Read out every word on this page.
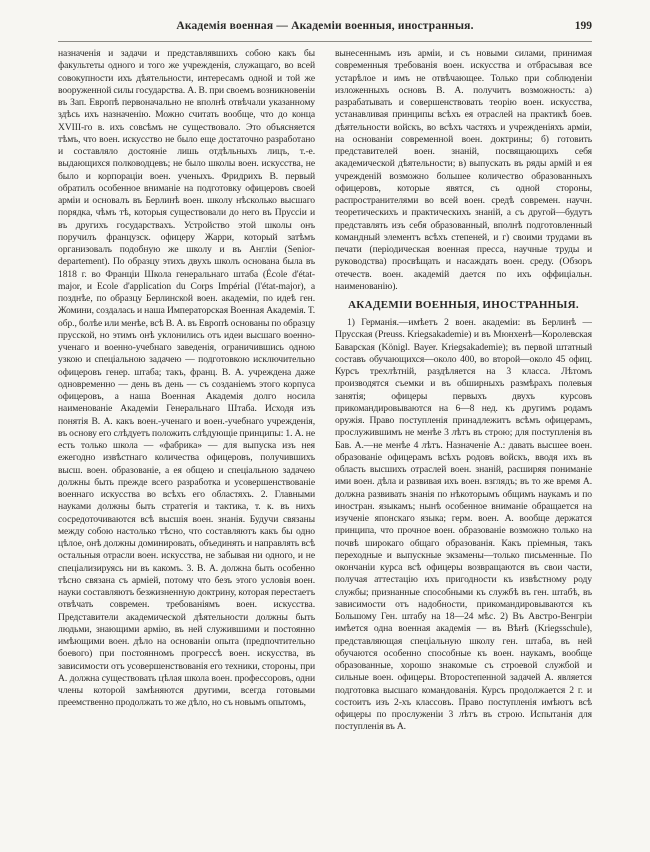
Академія военная — Академіи военныя, иностранныя.	199

назначенія и задачи и представлявшихъ собою какъ бы факультеты одного и того же учрежденія, служащаго, во всей совокупности ихъ дѣятельности, интересамъ одной и той же вооруженной силы государства. А. В. при своемъ возникновеніи въ Зап. Европѣ первоначально не вполнѣ отвѣчали указанному здѣсь ихъ назначенію. Можно считать вообще, что до конца XVIII-го в. ихъ совсѣмъ не существовало. Это объясняется тѣмъ, что воен. искусство не было еще достаточно разработано и составляло достояніе лишь отдѣльныхъ лицъ, т.-е. выдающихся полководцевъ; не было школы воен. искусства, не было и корпораціи воен. ученыхъ. Фридрихъ В. первый обратилъ особенное вниманіе на подготовку офицеровъ своей арміи и основалъ въ Берлинѣ воен. школу нѣсколько высшаго порядка, чѣмъ тѣ, которыя существовали до него въ Пруссіи и въ другихъ государствахъ. Устройство этой школы онъ поручилъ французск. офицеру Жарри, который затѣмъ организовалъ подобную же школу и въ Англіи (Senior-departement). По образцу этихъ двухъ школъ основана была въ 1818 г. во Франціи Школа генеральнаго штаба (École d'état-major, и Ecole d'application du Corps Impérial (l'état-major), а позднѣе, по образцу Берлинской воен. академіи, по идеѣ ген. Жомини, создалась и наша Императорская Военная Академія. Т. обр., болѣе или менѣе, всѣ В. А. въ Европѣ основаны по образцу прусской, но этимъ онѣ уклонились отъ идеи высшаго военно-ученаго и военно-учебнаго заведенія, ограничившись одною узкою и спеціальною задачею — подготовкою исключительно офицеровъ генер. штаба; такъ, франц. В. А. учреждена даже одновременно — день въ день — съ созданіемъ этого корпуса офицеровъ, а наша Военная Академія долго носила наименованіе Академіи Генеральнаго Штаба. Исходя изъ понятія В. А. какъ воен.-ученаго и воен.-учебнаго учрежденія, въ основу его слѣдуетъ положить слѣдующіе принципы: 1. А. не есть только школа — «фабрика» — для выпуска изъ нея ежегодно извѣстнаго количества офицеровъ, получившихъ высш. воен. образованіе, а ея общею и спеціальною задачею должны быть прежде всего разработка и усовершенствованіе военнаго искусства во всѣхъ его областяхъ. 2. Главными науками должны быть стратегія и тактика, т. к. въ нихъ сосредоточиваются всѣ высшія воен. знанія. Будучи связаны между собою настолько тѣсно, что составляютъ какъ бы одно цѣлое, онѣ должны доминировать, объединять и направлять всѣ остальныя отрасли воен. искусства, не забывая ни одного, и не спеціализируясь ни въ какомъ. 3. В. А. должна быть особенно тѣсно связана съ арміей, потому что безъ этого условія воен. науки составляютъ безжизненную доктрину, которая перестаетъ отвѣчать современ. требованіямъ воен. искусства. Представители академической дѣятельности должны быть людьми, знающими армію, въ ней служившими и постоянно имѣющими воен. дѣло на основаніи опыта (предпочтительно боевого) при постоянномъ прогрессѣ воен. искусства, въ зависимости отъ усовершенствованія его техники, стороны, при А. должна существовать цѣлая школа воен. профессоровъ, одни члены которой замѣняются другими, всегда готовыми преемственно продолжать то же дѣло, но съ новымъ опытомъ,

вынесеннымъ изъ арміи, и съ новыми силами, принимая современныя требованія воен. искусства и отбрасывая все устарѣлое и имъ не отвѣчающее. Только при соблюденіи изложенныхъ основъ В. А. получитъ возможность: а) разрабатывать и совершенствовать теорію воен. искусства, устанавливая принципы всѣхъ ея отраслей на практикѣ боев. дѣятельности войскъ, во всѣхъ частяхъ и учрежденіяхъ арміи, на основаніи современной воен. доктрины; б) готовить представителей воен. знаній, посвящающихъ себя академической дѣятельности; в) выпускать въ ряды армій и ея учрежденій возможно большее количество образованныхъ офицеровъ, которые явятся, съ одной стороны, распространителями во всей воен. средѣ современ. научн. теоретическихъ и практическихъ знаній, а съ другой—будутъ представлять изъ себя образованный, вполнѣ подготовленный командный элементъ всѣхъ степеней, и г) своими трудами въ печати (періодическая военная пресса, научные труды и руководства) просвѣщать и насаждать воен. среду. (Обзоръ отечеств. воен. академій дается по ихъ оффиціальн. наименованію).

АКАДЕМІИ ВОЕННЫЯ, ИНОСТРАННЫЯ.

1) Германія.—имѣетъ 2 воен. академіи: въ Берлинѣ — Прусская (Preuss. Kriegsakademie) и въ Мюнхенѣ—Королевская Баварская (Königl. Bayer. Kriegsakademie); въ первой штатный составъ обучающихся—около 400, во второй—около 45 офиц. Курсъ трехлѣтній, раздѣляется на 3 класса. Лѣтомъ производятся съемки и въ обширныхъ размѣрахъ полевыя занятія; офицеры первыхъ двухъ курсовъ прикомандировываются на 6—8 нед. къ другимъ родамъ оружія. Право поступленія принадлежитъ всѣмъ офицерамъ, прослужившимъ не менѣе 3 лѣтъ въ строю; для поступленія въ Бав. А.—не менѣе 4 лѣтъ. Назначеніе А.: давать высшее воен. образованіе офицерамъ всѣхъ родовъ войскъ, вводя ихъ въ область высшихъ отраслей воен. знаній, расширяя пониманіе ими воен. дѣла и развивая ихъ воен. взглядъ; въ то же время А. должна развивать знанія по нѣкоторымъ общимъ наукамъ и по иностран. языкамъ; нынѣ особенное вниманіе обращается на изученіе японскаго языка; герм. воен. А. вообще держатся принципа, что прочное воен. образованіе возможно только на почвѣ широкаго общаго образованія. Какъ пріемныя, такъ переходные и выпускные экзамены—только письменные. По окончаніи курса всѣ офицеры возвращаются въ свои части, получая аттестацію ихъ пригодности къ извѣстному роду службы; признанные способными къ службѣ въ ген. штабѣ, въ зависимости отъ надобности, прикомандировываются къ Большому Ген. штабу на 18—24 мѣс. 2) Въ Австро-Венгріи имѣется одна военная академія — въ Вѣнѣ (Kriegsschule), представляющая спеціальную школу ген. штаба, въ ней обучаются особенно способные къ воен. наукамъ, вообще образованные, хорошо знакомые съ строевой службой и сильные воен. офицеры. Второстепенной задачей А. является подготовка высшаго командованія. Курсъ продолжается 2 г. и состоитъ изъ 2-хъ классовъ. Право поступленія имѣютъ всѣ офицеры по прослуженіи 3 лѣтъ въ строю. Испытанія для поступленія въ А.
